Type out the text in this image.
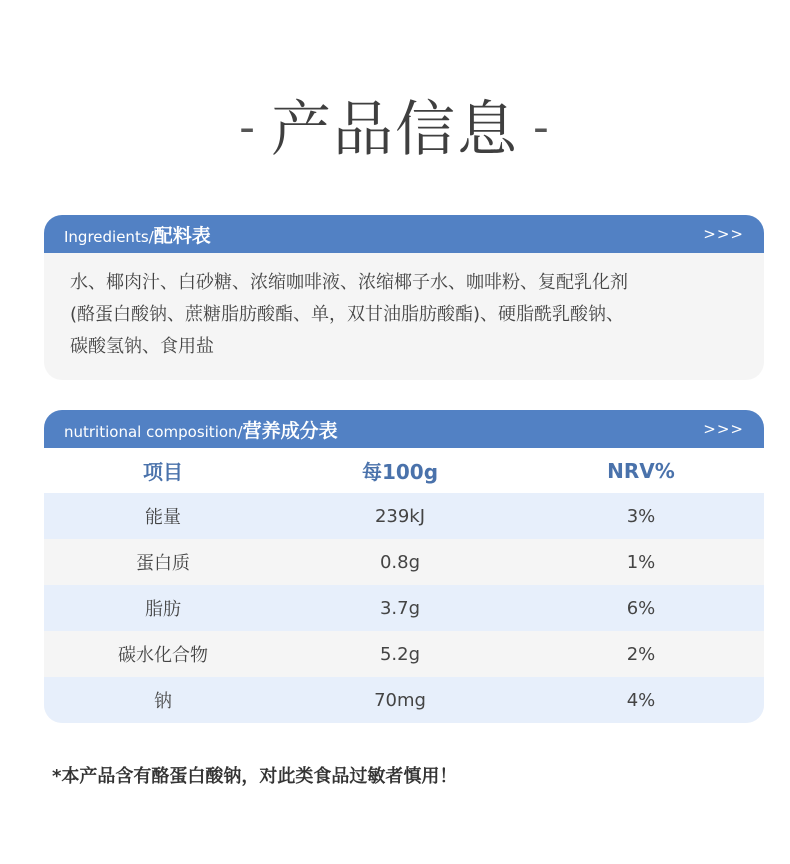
- 产品信息 -
Ingredients/配料表	>>>
水、椰肉汁、白砂糖、浓缩咖啡液、浓缩椰子水、咖啡粉、复配乳化剂
(酪蛋白酸钠、蔗糖脂肪酸酯、单，双甘油脂肪酸酯)、硬脂酰乳酸钠、
碳酸氢钠、食用盐
nutritional composition/营养成分表	>>>
项目	每100g	NRV%
能量	239kJ	3%
蛋白质	0.8g	1%
脂肪	3.7g	6%
碳水化合物	5.2g	2%
钠	70mg	4%
*本产品含有酪蛋白酸钠，对此类食品过敏者慎用！
